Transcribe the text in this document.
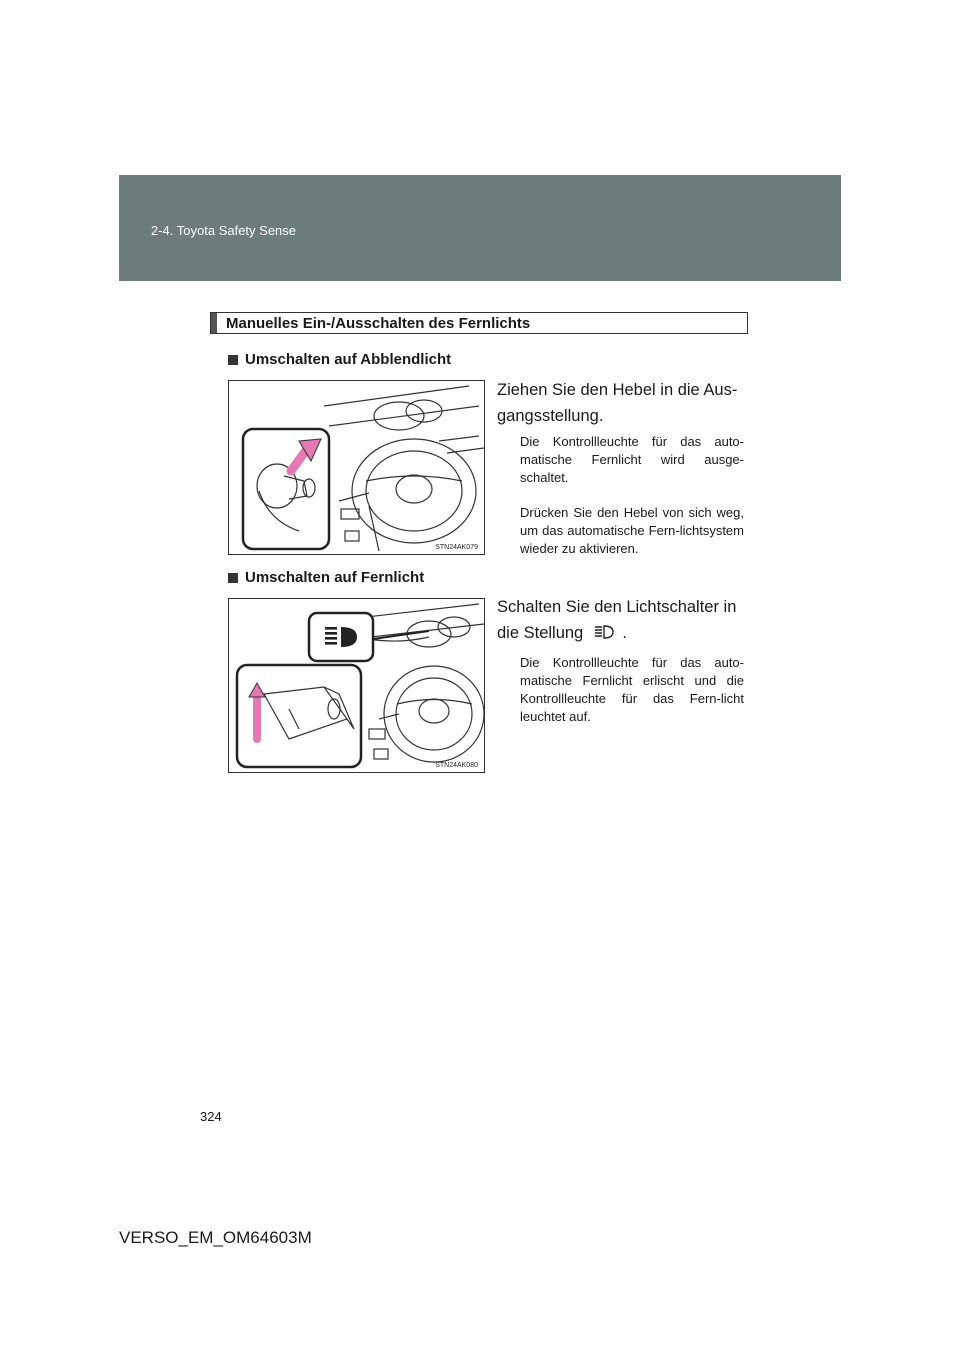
2-4. Toyota Safety Sense
Manuelles Ein-/Ausschalten des Fernlichts
Umschalten auf Abblendlicht
STN24AK079
Ziehen Sie den Hebel in die Aus-gangsstellung.
Die Kontrollleuchte für das auto-matische Fernlicht wird ausge-schaltet.
Drücken Sie den Hebel von sich weg, um das automatische Fern-lichtsystem wieder zu aktivieren.
Umschalten auf Fernlicht
STN24AK080
Schalten Sie den Lichtschalter in die Stellung .
Die Kontrollleuchte für das auto-matische Fernlicht erlischt und die Kontrollleuchte für das Fern-licht leuchtet auf.
324
VERSO_EM_OM64603M
